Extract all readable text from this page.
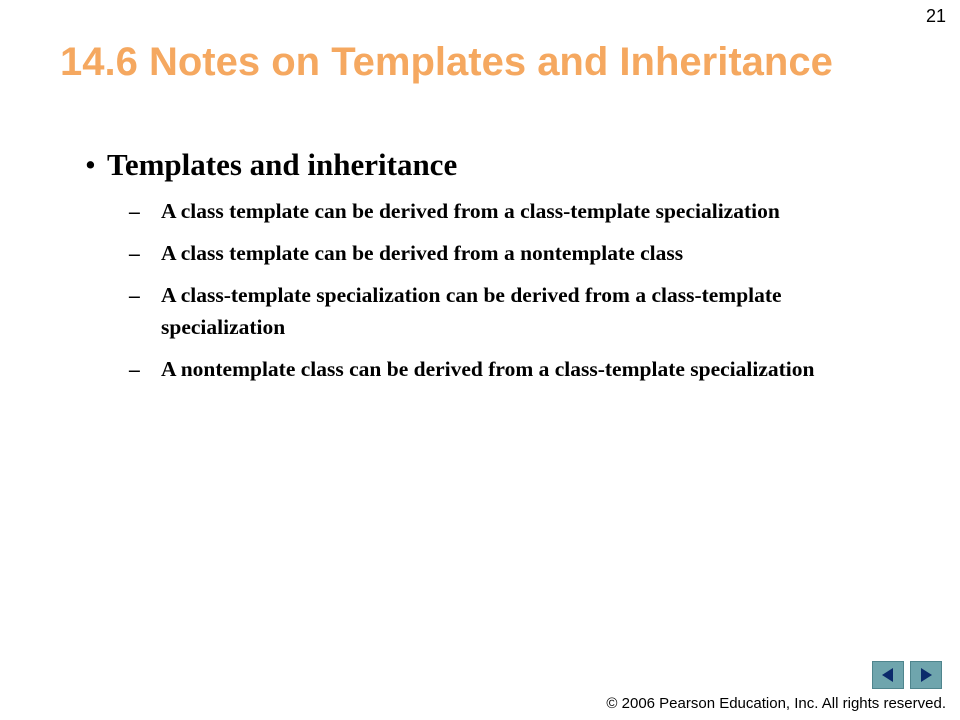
21
14.6 Notes on Templates and Inheritance
• Templates and inheritance
– A class template can be derived from a class-template specialization
– A class template can be derived from a nontemplate class
– A class-template specialization can be derived from a class-template specialization
– A nontemplate class can be derived from a class-template specialization
© 2006 Pearson Education, Inc. All rights reserved.
